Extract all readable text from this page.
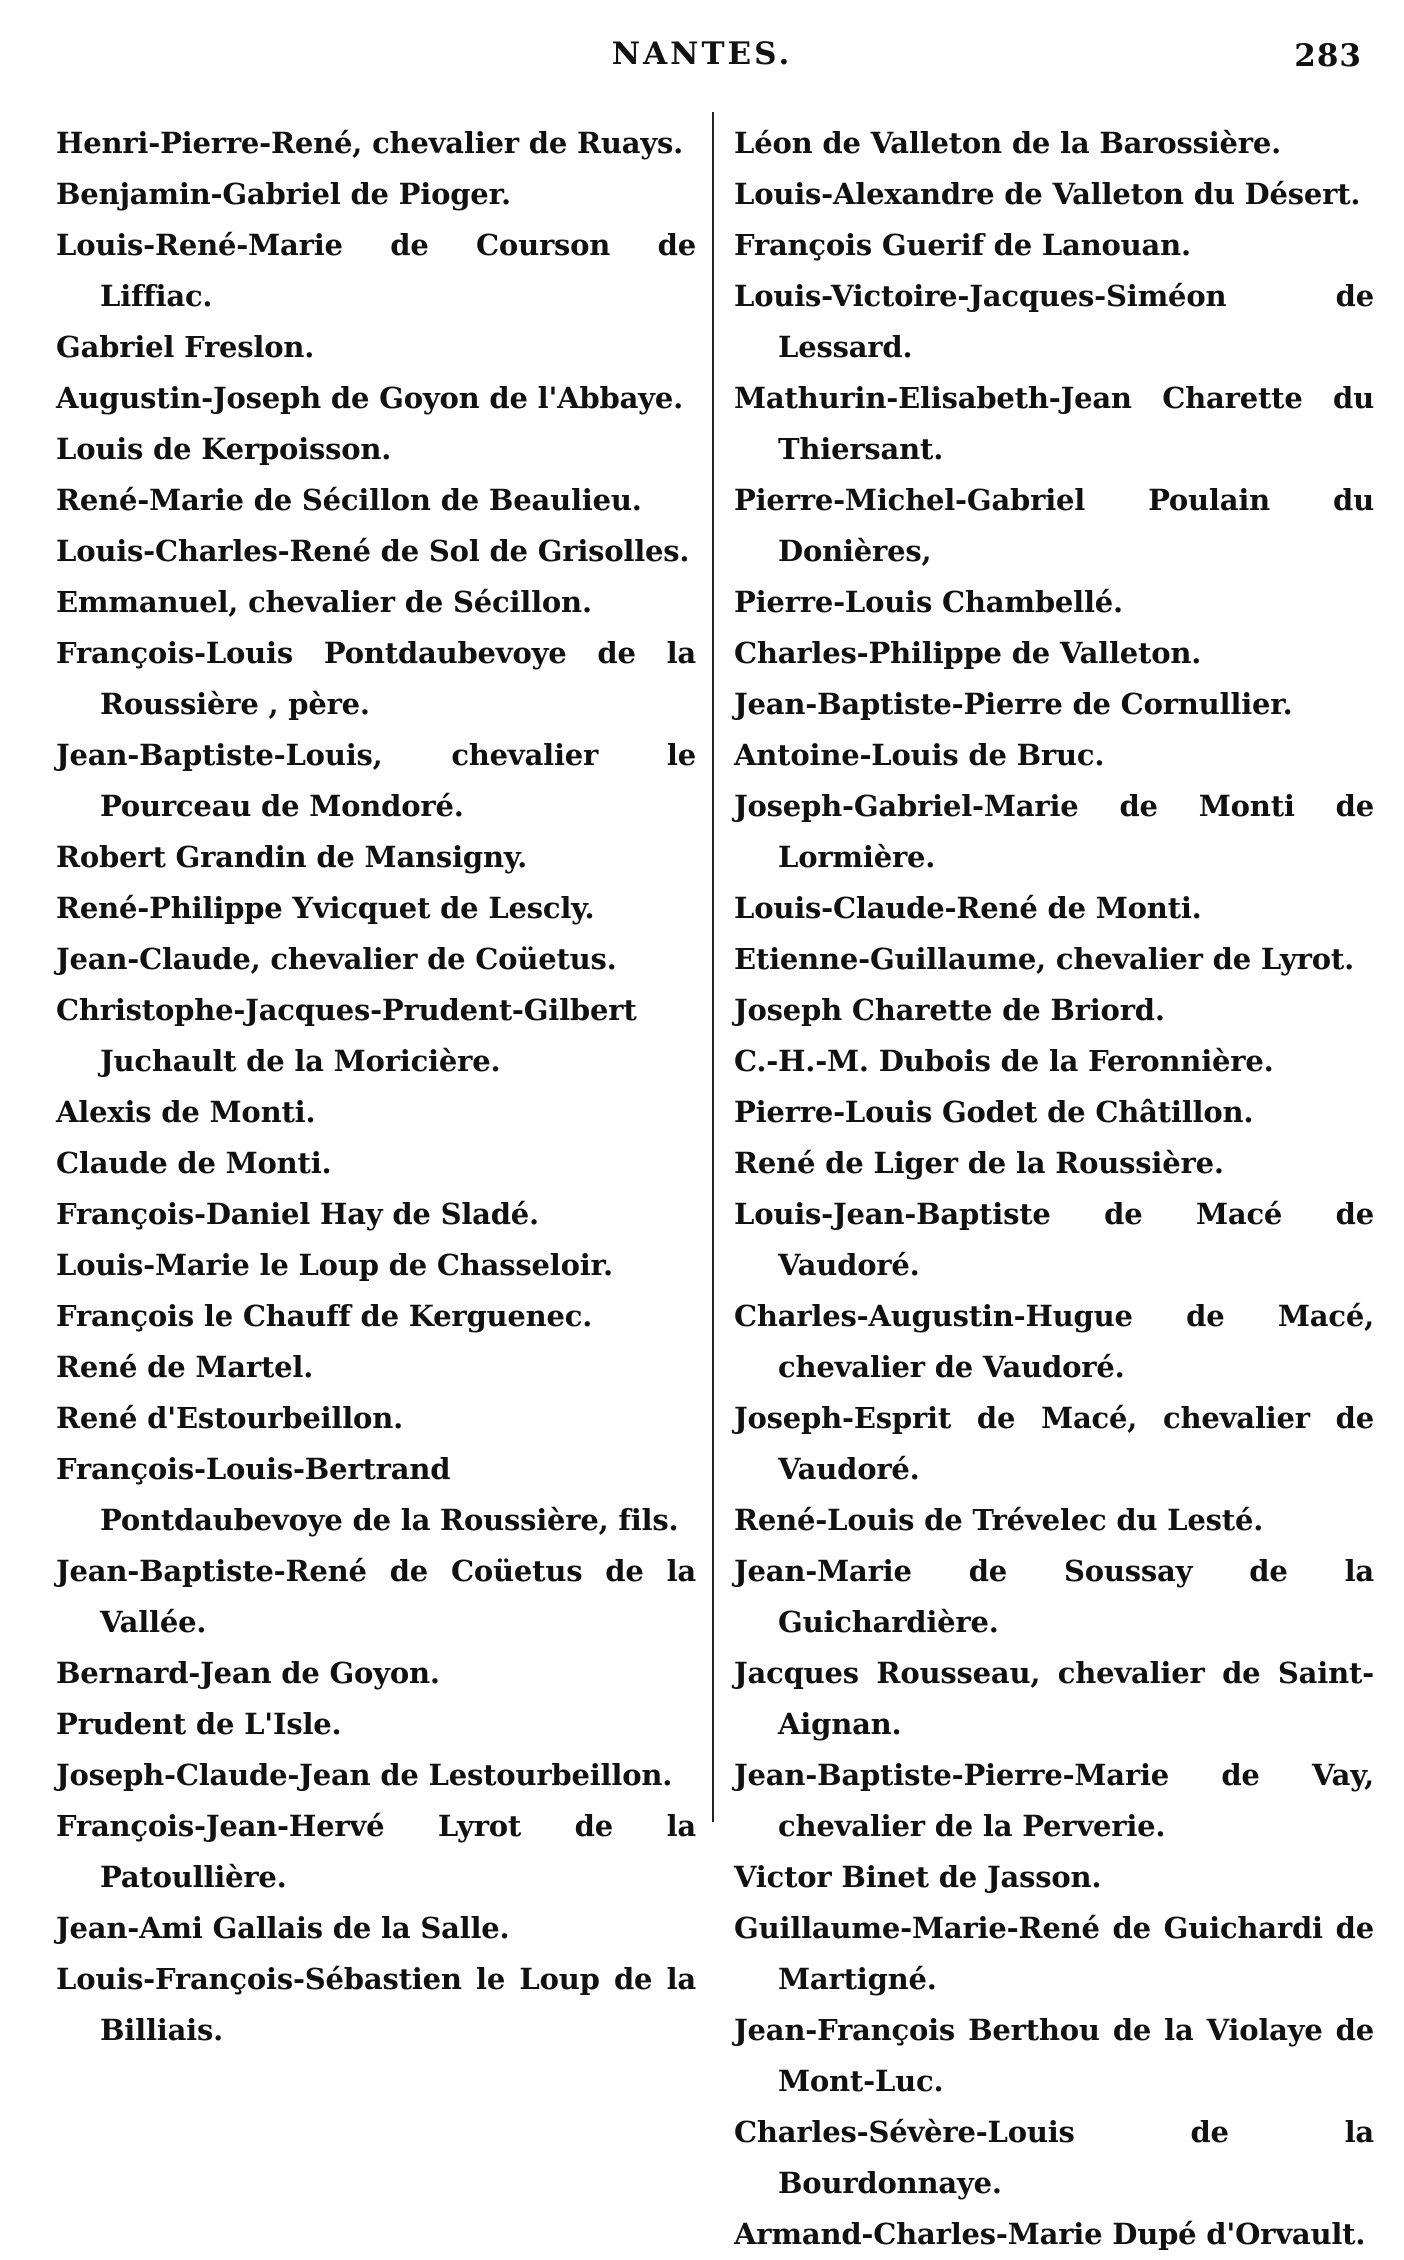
NANTES.	283
Henri-Pierre-René, chevalier de Ruays.
Benjamin-Gabriel de Pioger.
Louis-René-Marie de Courson de Liffiac.
Gabriel Freslon.
Augustin-Joseph de Goyon de l'Abbaye.
Louis de Kerpoisson.
René-Marie de Sécillon de Beaulieu.
Louis-Charles-René de Sol de Grisolles.
Emmanuel, chevalier de Sécillon.
François-Louis Pontdaubevoye de la Roussière , père.
Jean-Baptiste-Louis, chevalier le Pourceau de Mondoré.
Robert Grandin de Mansigny.
René-Philippe Yvicquet de Lescly.
Jean-Claude, chevalier de Coüetus.
Christophe-Jacques-Prudent-Gilbert Juchault de la Moricière.
Alexis de Monti.
Claude de Monti.
François-Daniel Hay de Sladé.
Louis-Marie le Loup de Chasseloir.
François le Chauff de Kerguenec.
René de Martel.
René d'Estourbeillon.
François-Louis-Bertrand Pontdaubevoye de la Roussière, fils.
Jean-Baptiste-René de Coüetus de la Vallée.
Bernard-Jean de Goyon.
Prudent de L'Isle.
Joseph-Claude-Jean de Lestourbeillon.
François-Jean-Hervé Lyrot de la Patoullière.
Jean-Ami Gallais de la Salle.
Louis-François-Sébastien le Loup de la Billiais.
Léon de Valleton de la Barossière.
Louis-Alexandre de Valleton du Désert.
François Guerif de Lanouan.
Louis-Victoire-Jacques-Siméon de Lessard.
Mathurin-Elisabeth-Jean Charette du Thiersant.
Pierre-Michel-Gabriel Poulain du Donières,
Pierre-Louis Chambellé.
Charles-Philippe de Valleton.
Jean-Baptiste-Pierre de Cornullier.
Antoine-Louis de Bruc.
Joseph-Gabriel-Marie de Monti de Lormière.
Louis-Claude-René de Monti.
Etienne-Guillaume, chevalier de Lyrot.
Joseph Charette de Briord.
C.-H.-M. Dubois de la Feronnière.
Pierre-Louis Godet de Châtillon.
René de Liger de la Roussière.
Louis-Jean-Baptiste de Macé de Vaudoré.
Charles-Augustin-Hugue de Macé, chevalier de Vaudoré.
Joseph-Esprit de Macé, chevalier de Vaudoré.
René-Louis de Trévelec du Lesté.
Jean-Marie de Soussay de la Guichardière.
Jacques Rousseau, chevalier de Saint-Aignan.
Jean-Baptiste-Pierre-Marie de Vay, chevalier de la Perverie.
Victor Binet de Jasson.
Guillaume-Marie-René de Guichardi de Martigné.
Jean-François Berthou de la Violaye de Mont-Luc.
Charles-Sévère-Louis de la Bourdonnaye.
Armand-Charles-Marie Dupé d'Orvault.
